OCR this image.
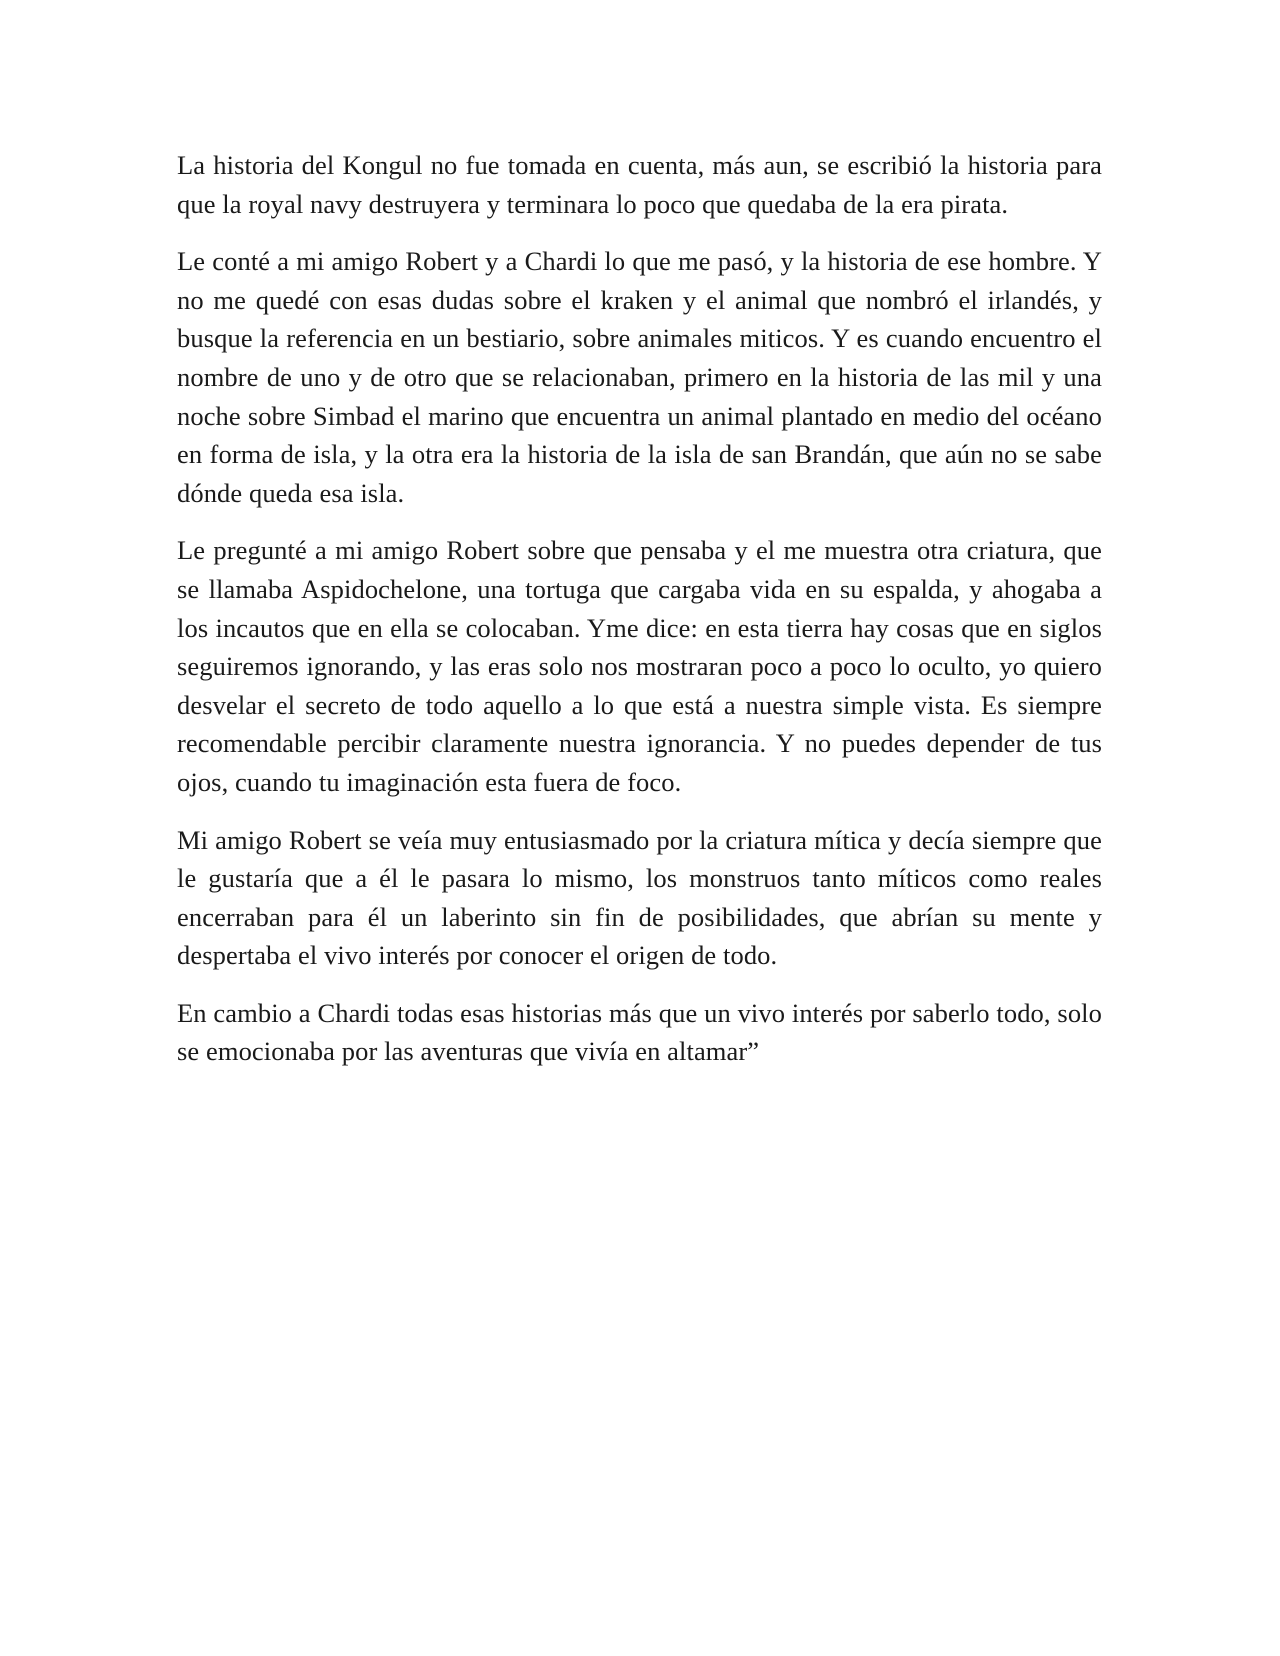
La historia del Kongul no fue tomada en cuenta, más aun, se escribió la historia para que la royal navy destruyera y terminara lo poco que quedaba de la era pirata.

Le conté a mi amigo Robert y a Chardi lo que me pasó, y la historia de ese hombre. Y no me quedé con esas dudas sobre el kraken y el animal que nombró el irlandés, y busque la referencia en un bestiario, sobre animales miticos. Y es cuando encuentro el nombre de uno y de otro que se relacionaban, primero en la historia de las mil y una noche sobre Simbad el marino que encuentra un animal plantado en medio del océano en forma de isla, y la otra era la historia de la isla de san Brandán, que aún no se sabe dónde queda esa isla.

Le pregunté a mi amigo Robert sobre que pensaba y el me muestra otra criatura, que se llamaba Aspidochelone, una tortuga que cargaba vida en su espalda, y ahogaba a los incautos que en ella se colocaban. Yme dice: en esta tierra hay cosas que en siglos seguiremos ignorando, y las eras solo nos mostraran poco a poco lo oculto, yo quiero desvelar el secreto de todo aquello a lo que está a nuestra simple vista. Es siempre recomendable percibir claramente nuestra ignorancia. Y no puedes depender de tus ojos, cuando tu imaginación esta fuera de foco.

Mi amigo Robert se veía muy entusiasmado por la criatura mítica y decía siempre que le gustaría que a él le pasara lo mismo, los monstruos tanto míticos como reales encerraban para él un laberinto sin fin de posibilidades, que abrían su mente y despertaba el vivo interés por conocer el origen de todo.

En cambio a Chardi todas esas historias más que un vivo interés por saberlo todo, solo se emocionaba por las aventuras que vivía en altamar”
